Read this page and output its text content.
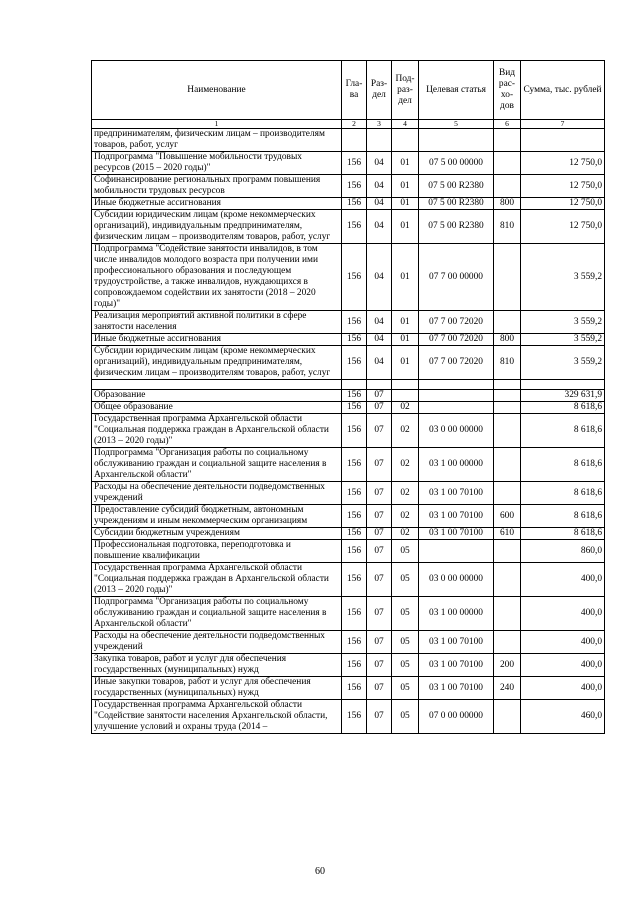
Наименование	Гла-ва	Раз-дел	Под-раз-дел	Целевая статья	Вид рас-хо-дов	Сумма, тыс. рублей
1	2	3	4	5	6	7
предпринимателям, физическим лицам – производителям товаров, работ, услуг						
Подпрограмма "Повышение мобильности трудовых ресурсов (2015 – 2020 годы)"	156	04	01	07 5 00 00000		12 750,0
Софинансирование региональных программ повышения мобильности трудовых ресурсов	156	04	01	07 5 00 R2380		12 750,0
Иные бюджетные ассигнования	156	04	01	07 5 00 R2380	800	12 750,0
Субсидии юридическим лицам (кроме некоммерческих организаций), индивидуальным предпринимателям, физическим лицам – производителям товаров, работ, услуг	156	04	01	07 5 00 R2380	810	12 750,0
Подпрограмма "Содействие занятости инвалидов, в том числе инвалидов молодого возраста при получении ими профессионального образования и последующем трудоустройстве, а также инвалидов, нуждающихся в сопровождаемом содействии их занятости (2018 – 2020 годы)"	156	04	01	07 7 00 00000		3 559,2
Реализация мероприятий активной политики в сфере занятости населения	156	04	01	07 7 00 72020		3 559,2
Иные бюджетные ассигнования	156	04	01	07 7 00 72020	800	3 559,2
Субсидии юридическим лицам (кроме некоммерческих организаций), индивидуальным предпринимателям, физическим лицам – производителям товаров, работ, услуг	156	04	01	07 7 00 72020	810	3 559,2

Образование	156	07				329 631,9
Общее образование	156	07	02			8 618,6
Государственная программа Архангельской области "Социальная поддержка граждан в Архангельской области (2013 – 2020 годы)"	156	07	02	03 0 00 00000		8 618,6
Подпрограмма "Организация работы по социальному обслуживанию граждан и социальной защите населения в Архангельской области"	156	07	02	03 1 00 00000		8 618,6
Расходы на обеспечение деятельности подведомственных учреждений	156	07	02	03 1 00 70100		8 618,6
Предоставление субсидий бюджетным, автономным учреждениям и иным некоммерческим организациям	156	07	02	03 1 00 70100	600	8 618,6
Субсидии бюджетным учреждениям	156	07	02	03 1 00 70100	610	8 618,6
Профессиональная подготовка, переподготовка и повышение квалификации	156	07	05			860,0
Государственная программа Архангельской области "Социальная поддержка граждан в Архангельской области (2013 – 2020 годы)"	156	07	05	03 0 00 00000		400,0
Подпрограмма "Организация работы по социальному обслуживанию граждан и социальной защите населения в Архангельской области"	156	07	05	03 1 00 00000		400,0
Расходы на обеспечение деятельности подведомственных учреждений	156	07	05	03 1 00 70100		400,0
Закупка товаров, работ и услуг для обеспечения государственных (муниципальных) нужд	156	07	05	03 1 00 70100	200	400,0
Иные закупки товаров, работ и услуг для обеспечения государственных (муниципальных) нужд	156	07	05	03 1 00 70100	240	400,0
Государственная программа Архангельской области "Содействие занятости населения Архангельской области, улучшение условий и охраны труда (2014 –	156	07	05	07 0 00 00000		460,0
60
